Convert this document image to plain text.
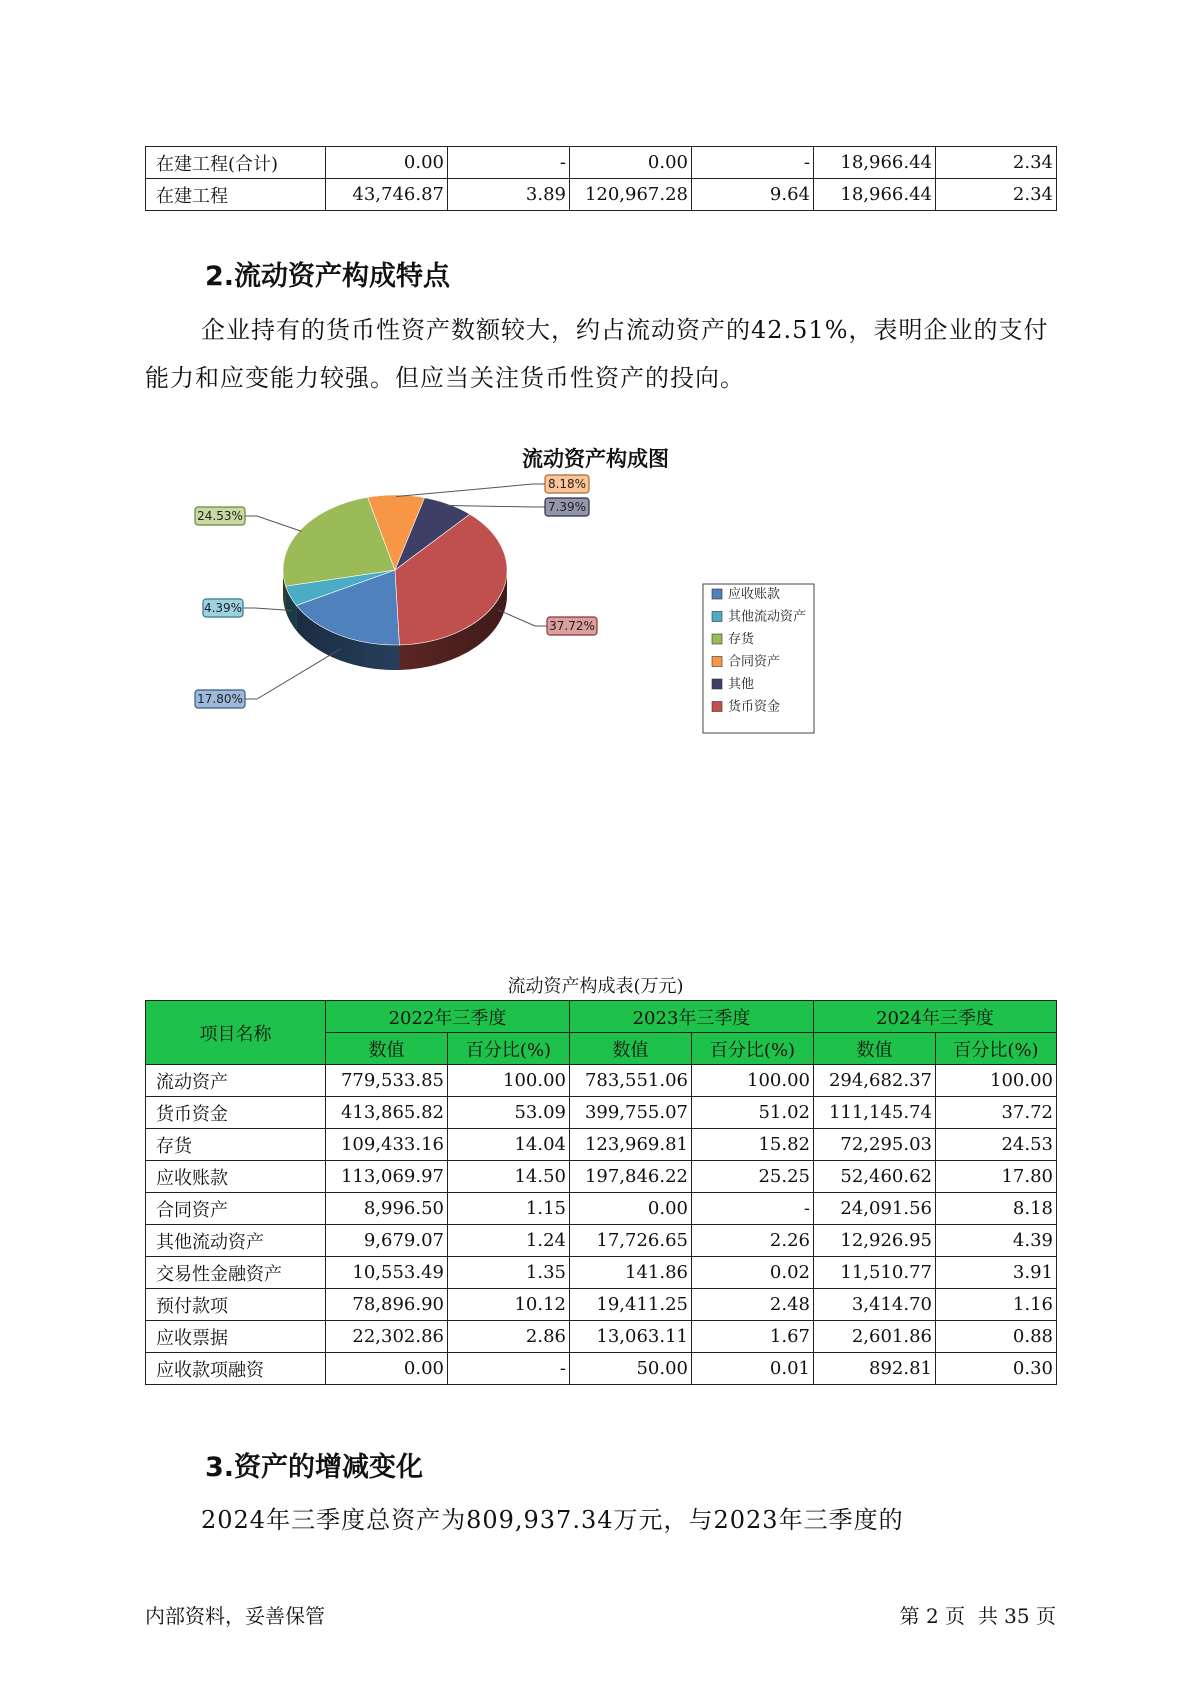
在建工程(合计)	0.00	-	0.00	-	18,966.44	2.34
在建工程	43,746.87	3.89	120,967.28	9.64	18,966.44	2.34
2.流动资产构成特点

企业持有的货币性资产数额较大，约占流动资产的42.51%，表明企业的支付能力和应变能力较强。但应当关注货币性资产的投向。

流动资产构成图
17.80%
4.39%
24.53%
8.18%
7.39%
37.72%
应收账款
其他流动资产
存货
合同资产
其他
货币资金

流动资产构成表(万元)

项目名称	2022年三季度		2023年三季度		2024年三季度	
	数值	百分比(%)	数值	百分比(%)	数值	百分比(%)
流动资产	779,533.85	100.00	783,551.06	100.00	294,682.37	100.00
货币资金	413,865.82	53.09	399,755.07	51.02	111,145.74	37.72
存货	109,433.16	14.04	123,969.81	15.82	72,295.03	24.53
应收账款	113,069.97	14.50	197,846.22	25.25	52,460.62	17.80
合同资产	8,996.50	1.15	0.00	-	24,091.56	8.18
其他流动资产	9,679.07	1.24	17,726.65	2.26	12,926.95	4.39
交易性金融资产	10,553.49	1.35	141.86	0.02	11,510.77	3.91
预付款项	78,896.90	10.12	19,411.25	2.48	3,414.70	1.16
应收票据	22,302.86	2.86	13,063.11	1.67	2,601.86	0.88
应收款项融资	0.00	-	50.00	0.01	892.81	0.30
3.资产的增减变化

2024年三季度总资产为809,937.34万元，与2023年三季度的

内部资料，妥善保管	第 2 页  共 35 页
